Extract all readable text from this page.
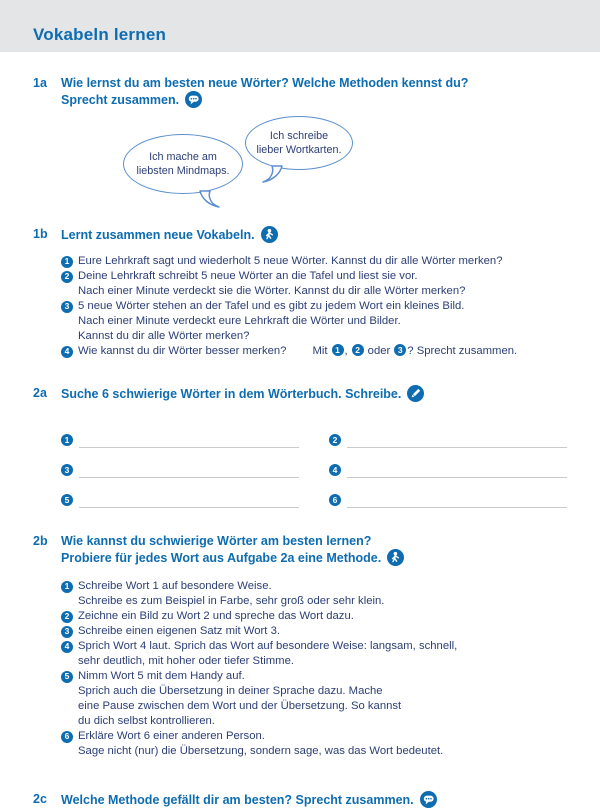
Vokabeln lernen
1a	Wie lernst du am besten neue Wörter? Welche Methoden kennst du?
Sprecht zusammen.
Ich mache am
liebsten Mindmaps.
Ich schreibe
lieber Wortkarten.
1b	Lernt zusammen neue Vokabeln.
1 Eure Lehrkraft sagt und wiederholt 5 neue Wörter. Kannst du dir alle Wörter merken?
2 Deine Lehrkraft schreibt 5 neue Wörter an die Tafel und liest sie vor.
Nach einer Minute verdeckt sie die Wörter. Kannst du dir alle Wörter merken?
3 5 neue Wörter stehen an der Tafel und es gibt zu jedem Wort ein kleines Bild.
Nach einer Minute verdeckt eure Lehrkraft die Wörter und Bilder.
Kannst du dir alle Wörter merken?
4 Wie kannst du dir Wörter besser merken? Mit 1 , 2 oder 3 ? Sprecht zusammen.
2a	Suche 6 schwierige Wörter in dem Wörterbuch. Schreibe.
1	2
3	4
5	6
2b	Wie kannst du schwierige Wörter am besten lernen?
Probiere für jedes Wort aus Aufgabe 2a eine Methode.
1 Schreibe Wort 1 auf besondere Weise.
Schreibe es zum Beispiel in Farbe, sehr groß oder sehr klein.
2 Zeichne ein Bild zu Wort 2 und spreche das Wort dazu.
3 Schreibe einen eigenen Satz mit Wort 3.
4 Sprich Wort 4 laut. Sprich das Wort auf besondere Weise: langsam, schnell,
sehr deutlich, mit hoher oder tiefer Stimme.
5 Nimm Wort 5 mit dem Handy auf.
Sprich auch die Übersetzung in deiner Sprache dazu. Mache
eine Pause zwischen dem Wort und der Übersetzung. So kannst
du dich selbst kontrollieren.
6 Erkläre Wort 6 einer anderen Person.
Sage nicht (nur) die Übersetzung, sondern sage, was das Wort bedeutet.
2c	Welche Methode gefällt dir am besten? Sprecht zusammen.
